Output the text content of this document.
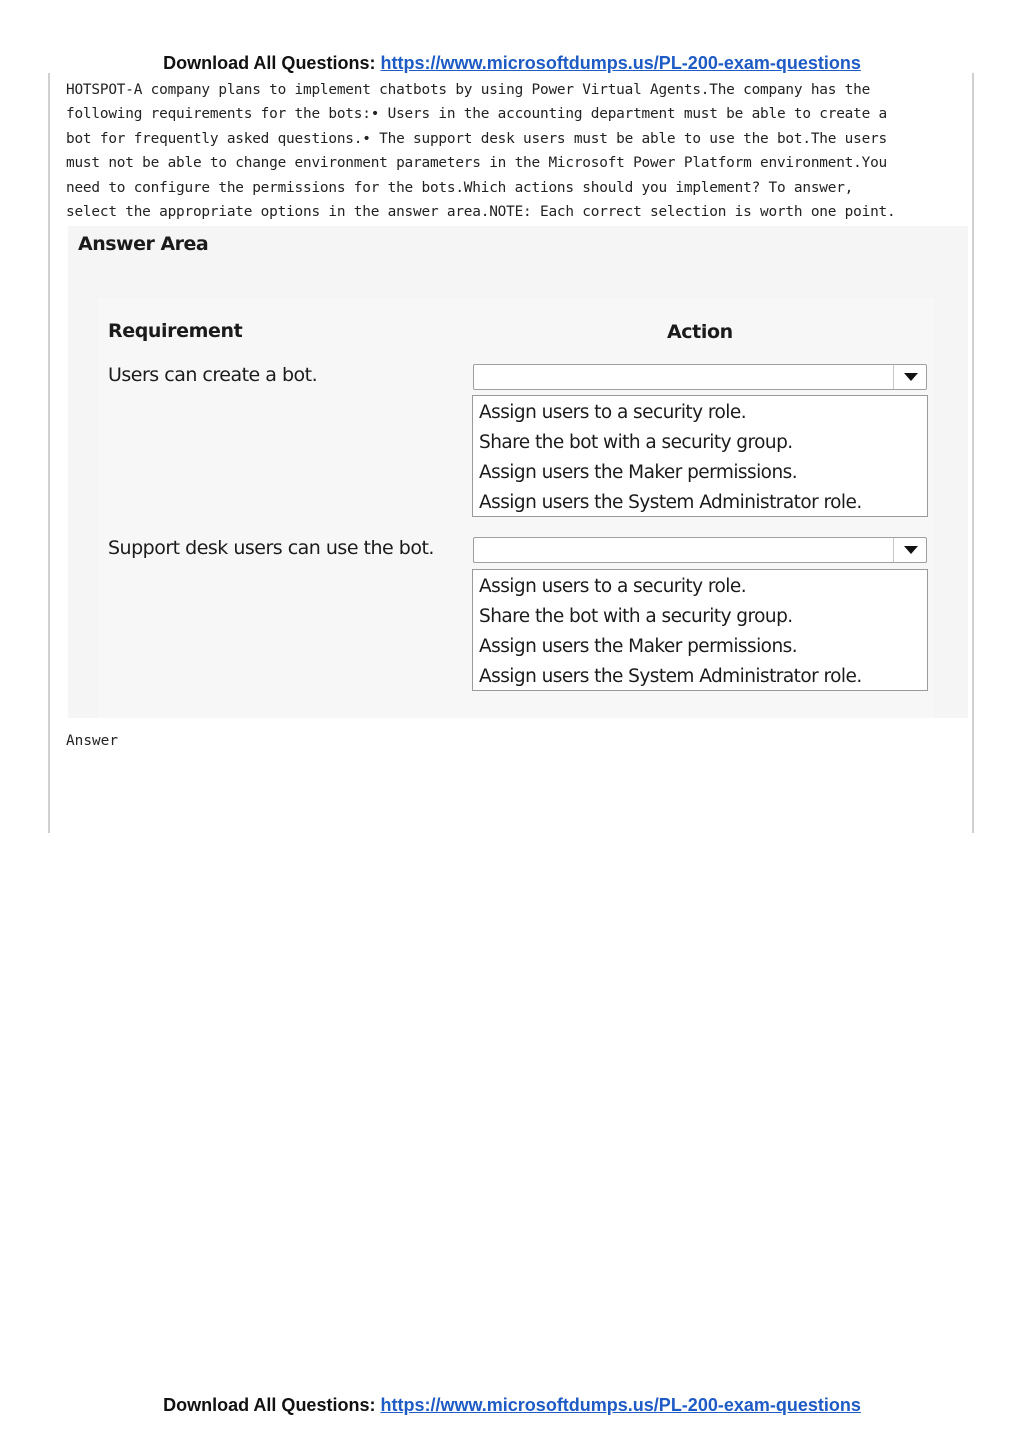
Download All Questions: https://www.microsoftdumps.us/PL-200-exam-questions
HOTSPOT-A company plans to implement chatbots by using Power Virtual Agents.The company has the
following requirements for the bots:• Users in the accounting department must be able to create a
bot for frequently asked questions.• The support desk users must be able to use the bot.The users
must not be able to change environment parameters in the Microsoft Power Platform environment.You
need to configure the permissions for the bots.Which actions should you implement? To answer,
select the appropriate options in the answer area.NOTE: Each correct selection is worth one point.
Answer Area
Requirement	Action
Users can create a bot.
Assign users to a security role.
Share the bot with a security group.
Assign users the Maker permissions.
Assign users the System Administrator role.
Support desk users can use the bot.
Assign users to a security role.
Share the bot with a security group.
Assign users the Maker permissions.
Assign users the System Administrator role.
Answer
Download All Questions: https://www.microsoftdumps.us/PL-200-exam-questions
